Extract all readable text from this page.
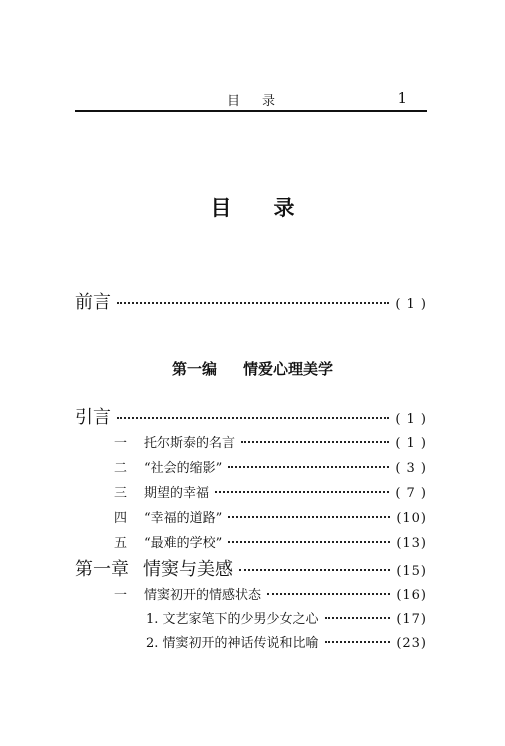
目录	1
目录
前言	( 1 )
第一编 情爱心理美学
引言	( 1 )
一 托尔斯泰的名言	( 1 )
二 “社会的缩影”	( 3 )
三 期望的幸福	( 7 )
四 “幸福的道路”	(10)
五 “最难的学校”	(13)
第一章 情窦与美感	(15)
一 情窦初开的情感状态	(16)
1. 文艺家笔下的少男少女之心	(17)
2. 情窦初开的神话传说和比喻	(23)
